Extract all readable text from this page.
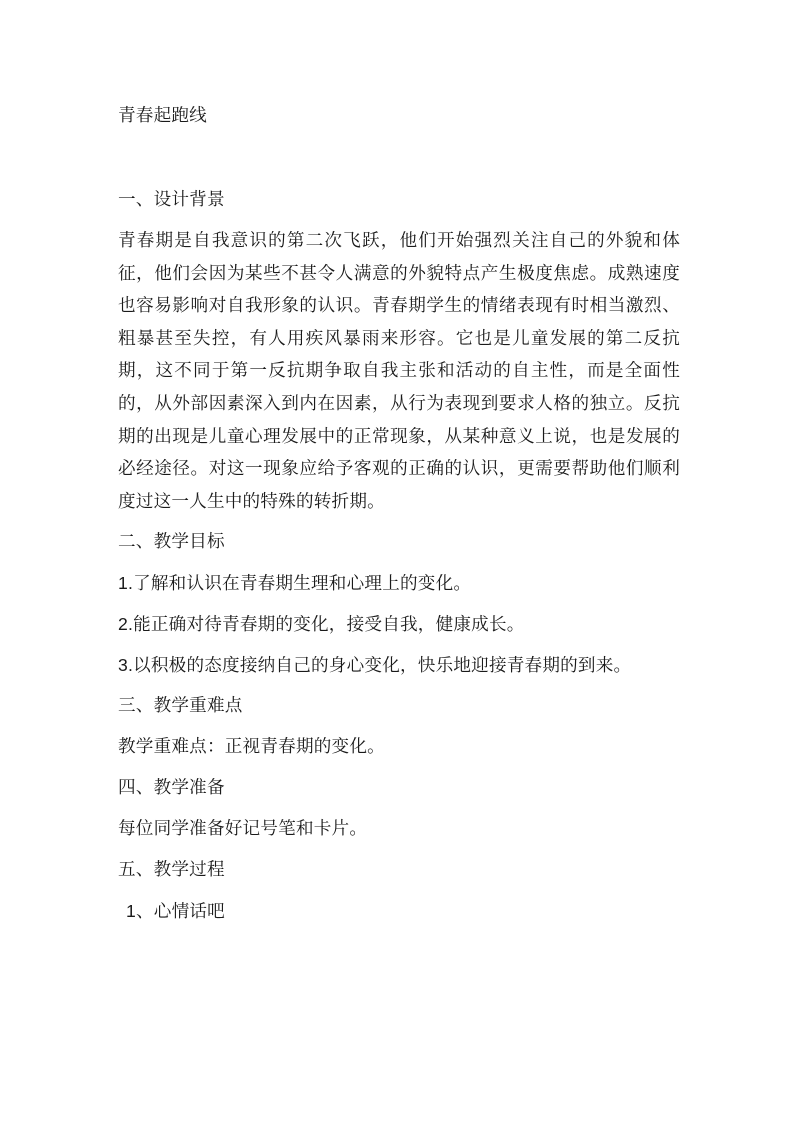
青春起跑线
一、设计背景

青春期是自我意识的第二次飞跃，他们开始强烈关注自己的外貌和体征，他们会因为某些不甚令人满意的外貌特点产生极度焦虑。成熟速度也容易影响对自我形象的认识。青春期学生的情绪表现有时相当激烈、粗暴甚至失控，有人用疾风暴雨来形容。它也是儿童发展的第二反抗期，这不同于第一反抗期争取自我主张和活动的自主性，而是全面性的，从外部因素深入到内在因素，从行为表现到要求人格的独立。反抗期的出现是儿童心理发展中的正常现象，从某种意义上说，也是发展的必经途径。对这一现象应给予客观的正确的认识，更需要帮助他们顺利度过这一人生中的特殊的转折期。

二、教学目标

1.了解和认识在青春期生理和心理上的变化。

2.能正确对待青春期的变化，接受自我，健康成长。

3.以积极的态度接纳自己的身心变化，快乐地迎接青春期的到来。

三、教学重难点

教学重难点：正视青春期的变化。

四、教学准备

每位同学准备好记号笔和卡片。

五、教学过程

1、心情话吧
